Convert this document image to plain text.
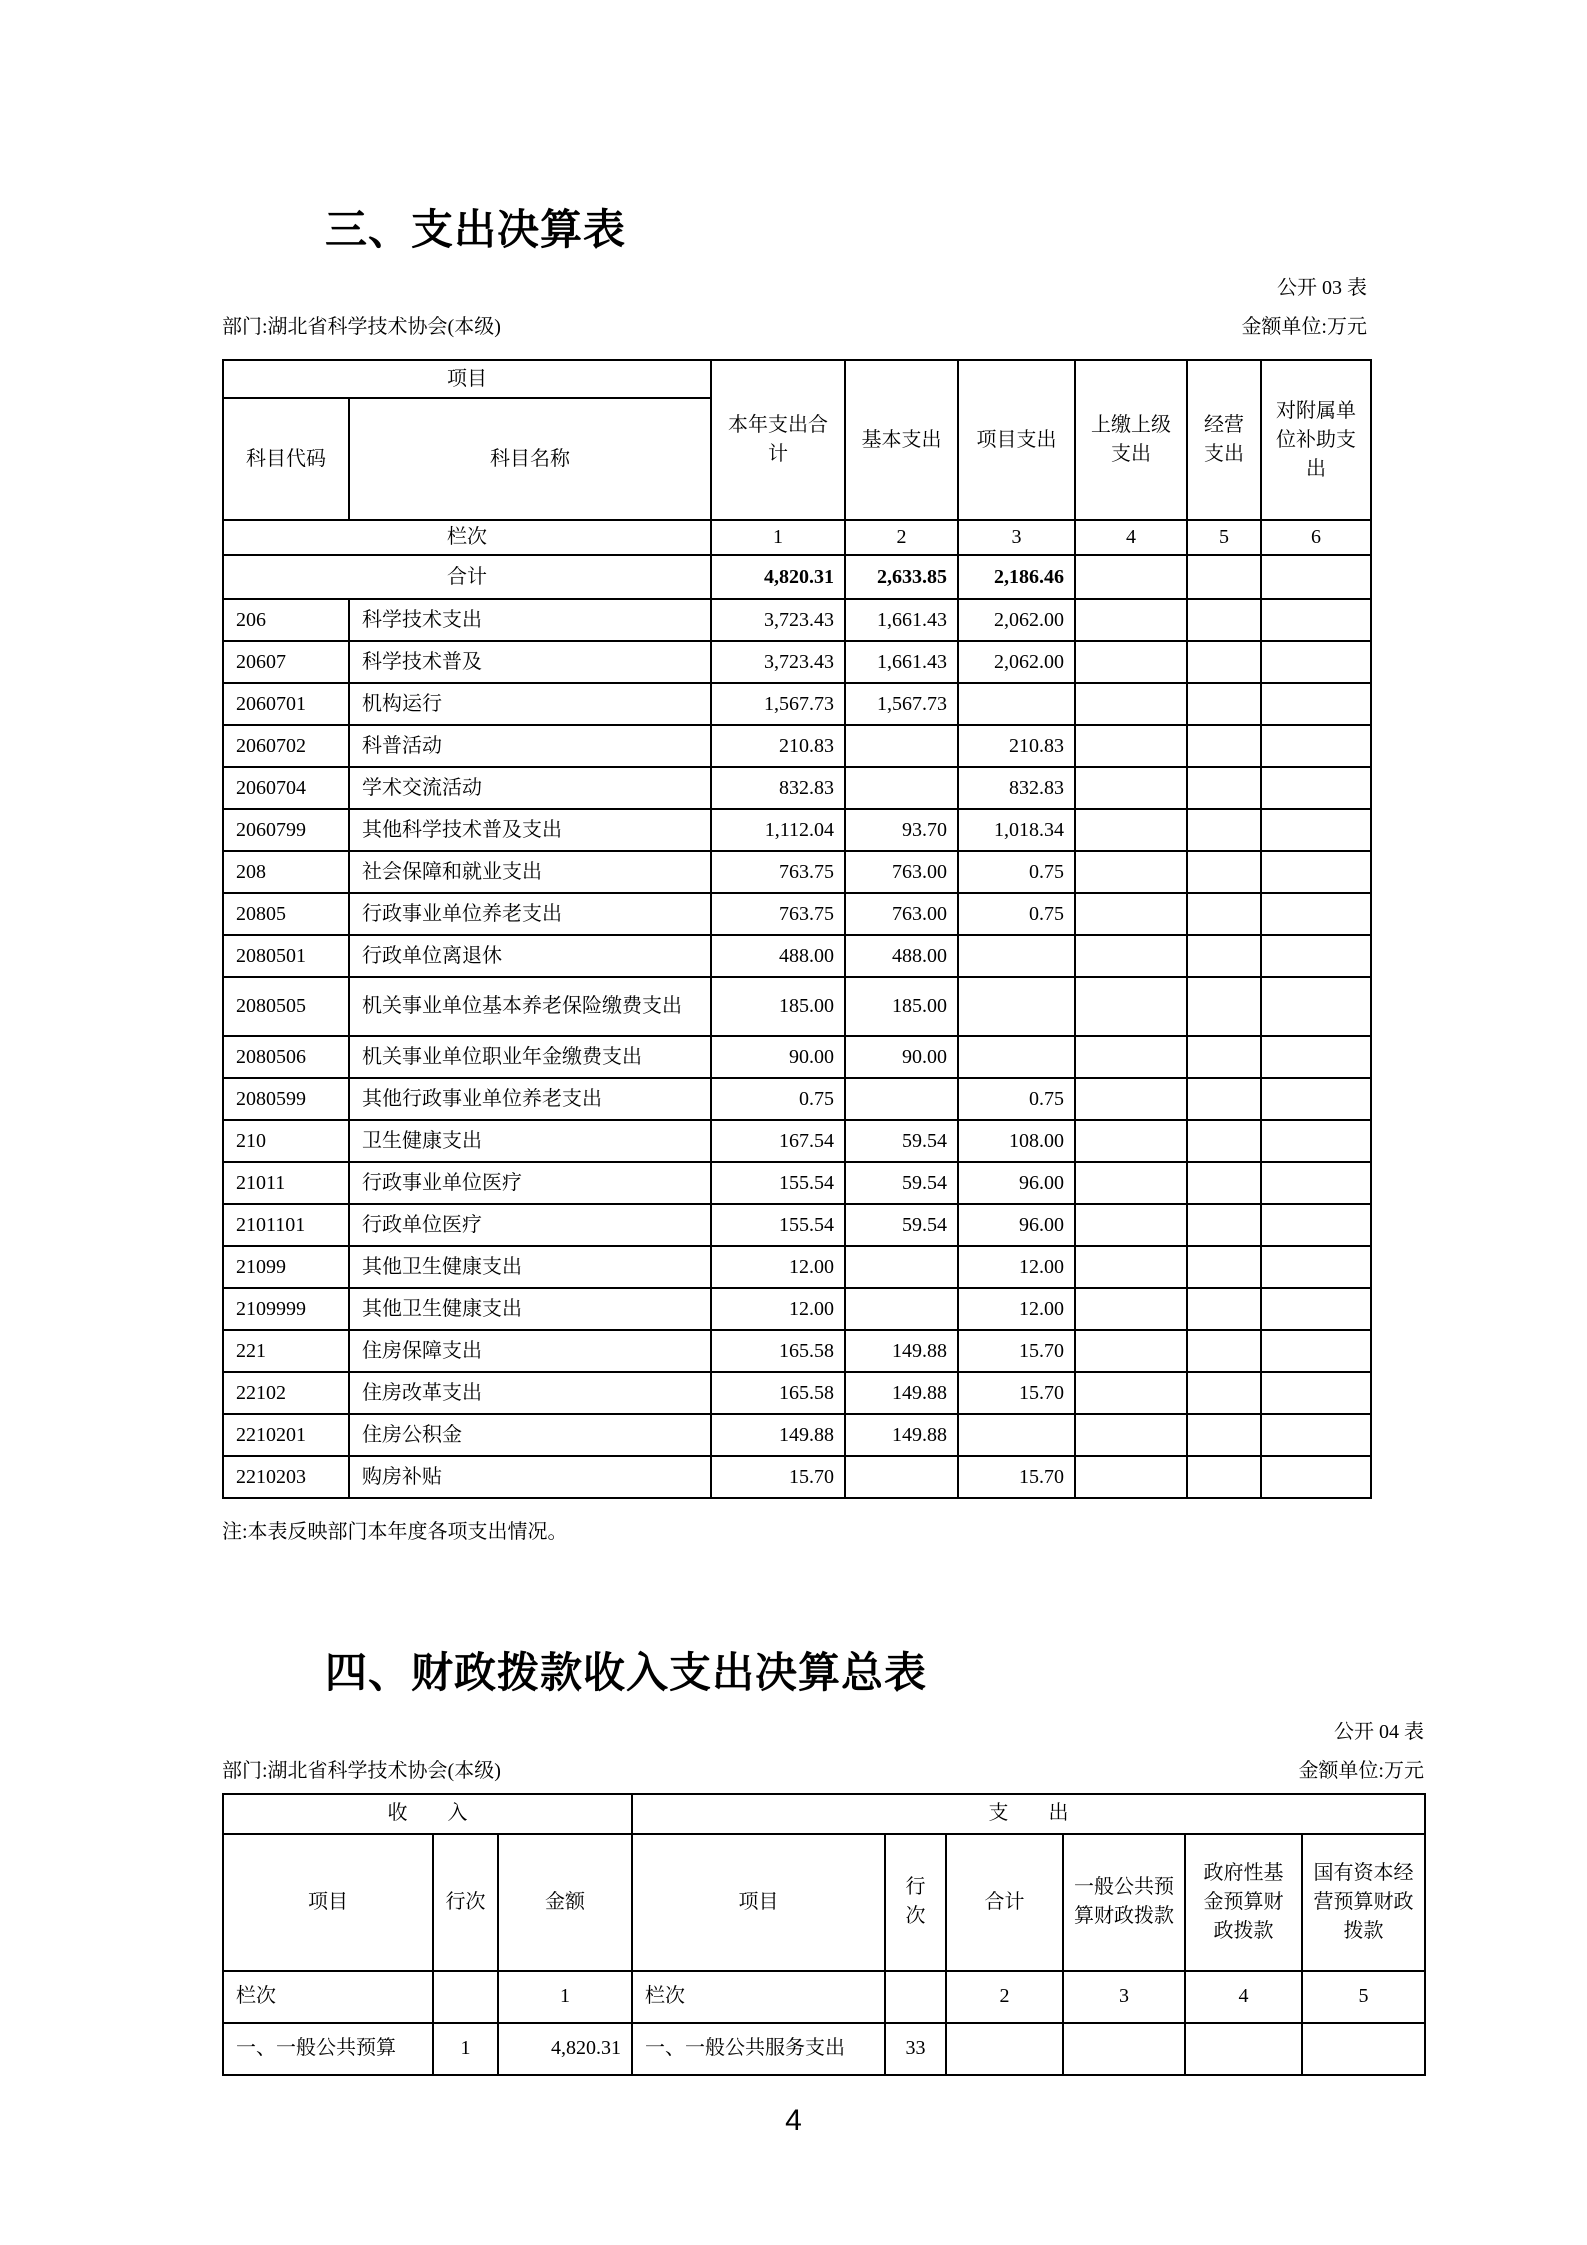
三、支出决算表
公开 03 表
部门:湖北省科学技术协会(本级)	金额单位:万元
项目		本年支出合计	基本支出	项目支出	上缴上级支出	经营支出	对附属单位补助支出
科目代码	科目名称						
栏次		1	2	3	4	5	6
合计		4,820.31	2,633.85	2,186.46			
206	科学技术支出	3,723.43	1,661.43	2,062.00			
20607	科学技术普及	3,723.43	1,661.43	2,062.00			
2060701	机构运行	1,567.73	1,567.73				
2060702	科普活动	210.83		210.83			
2060704	学术交流活动	832.83		832.83			
2060799	其他科学技术普及支出	1,112.04	93.70	1,018.34			
208	社会保障和就业支出	763.75	763.00	0.75			
20805	行政事业单位养老支出	763.75	763.00	0.75			
2080501	行政单位离退休	488.00	488.00				
2080505	机关事业单位基本养老保险缴费支出	185.00	185.00				
2080506	机关事业单位职业年金缴费支出	90.00	90.00				
2080599	其他行政事业单位养老支出	0.75		0.75			
210	卫生健康支出	167.54	59.54	108.00			
21011	行政事业单位医疗	155.54	59.54	96.00			
2101101	行政单位医疗	155.54	59.54	96.00			
21099	其他卫生健康支出	12.00		12.00			
2109999	其他卫生健康支出	12.00		12.00			
221	住房保障支出	165.58	149.88	15.70			
22102	住房改革支出	165.58	149.88	15.70			
2210201	住房公积金	149.88	149.88				
2210203	购房补贴	15.70		15.70			
注:本表反映部门本年度各项支出情况。
四、财政拨款收入支出决算总表
公开 04 表
部门:湖北省科学技术协会(本级)	金额单位:万元
收　　入			支　　出					
项目	行次	金额	项目	行次	合计	一般公共预算财政拨款	政府性基金预算财政拨款	国有资本经营预算财政拨款
栏次		1	栏次		2	3	4	5
一、一般公共预算	1	4,820.31	一、一般公共服务支出	33				
4
